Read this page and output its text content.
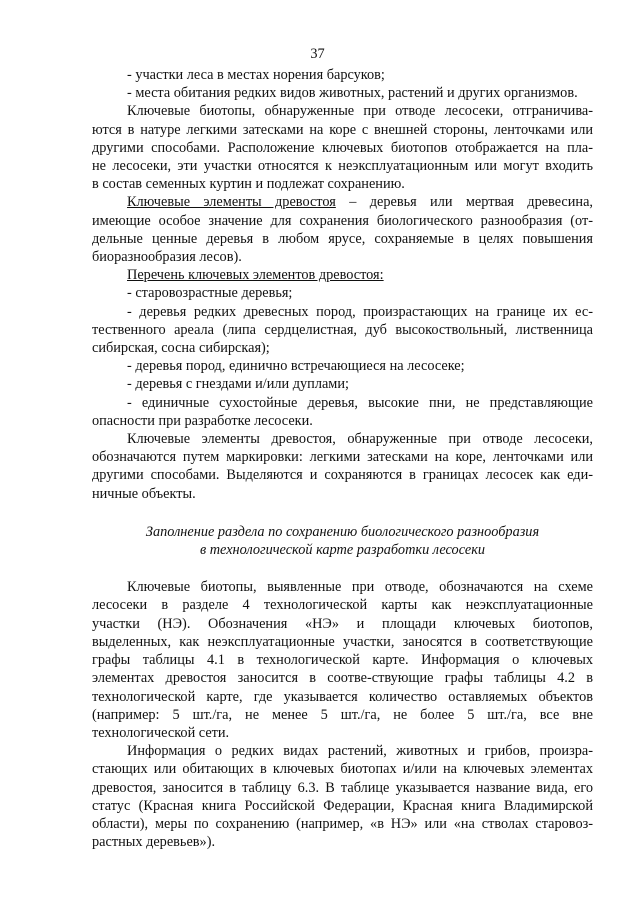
37

- участки леса в местах норения барсуков;

- места обитания редких видов животных, растений и других организмов.

Ключевые биотопы, обнаруженные при отводе лесосеки, отграничива-

ются в натуре легкими затесками на коре с внешней стороны, ленточками или

другими способами. Расположение ключевых биотопов отображается на пла-

не лесосеки, эти участки относятся к неэксплуатационным или могут входить

в состав семенных куртин и подлежат сохранению.

Ключевые элементы древостоя – деревья или мертвая древесина,

имеющие особое значение для сохранения биологического разнообразия (от-

дельные ценные деревья в любом ярусе, сохраняемые в целях повышения

биоразнообразия лесов).

Перечень ключевых элементов древостоя:

- старовозрастные деревья;

- деревья редких древесных пород, произрастающих на границе их ес-

тественного ареала (липа сердцелистная, дуб высокоствольный, лиственница

сибирская, сосна сибирская);

- деревья пород, единично встречающиеся на лесосеке;

- деревья с гнездами и/или дуплами;

- единичные сухостойные деревья, высокие пни, не представляющие

опасности при разработке лесосеки.

Ключевые элементы древостоя, обнаруженные при отводе лесосеки,

обозначаются путем маркировки: легкими затесками на коре, ленточками или

другими способами. Выделяются и сохраняются в границах лесосек как еди-

ничные объекты.

Заполнение раздела по сохранению биологического разнообразия

в технологической карте разработки лесосеки

Ключевые биотопы, выявленные при отводе, обозначаются на схеме

лесосеки в разделе 4 технологической карты как неэксплуатационные

участки (НЭ). Обозначения «НЭ» и площади ключевых биотопов,

выделенных, как неэксплуатационные участки, заносятся в соответствующие

графы таблицы 4.1 в технологической карте. Информация о ключевых

элементах древостоя заносится в соотве-ствующие графы таблицы 4.2 в

технологической карте, где указывается количество оставляемых объектов

(например: 5 шт./га, не менее 5 шт./га, не более 5 шт./га, все вне

технологической сети.

Информация о редких видах растений, животных и грибов, произра-

стающих или обитающих в ключевых биотопах и/или на ключевых элементах

древостоя, заносится в таблицу 6.3. В таблице указывается название вида, его

статус (Красная книга Российской Федерации, Красная книга Владимирской

области), меры по сохранению (например, «в НЭ» или «на стволах старовоз-

растных деревьев»).
